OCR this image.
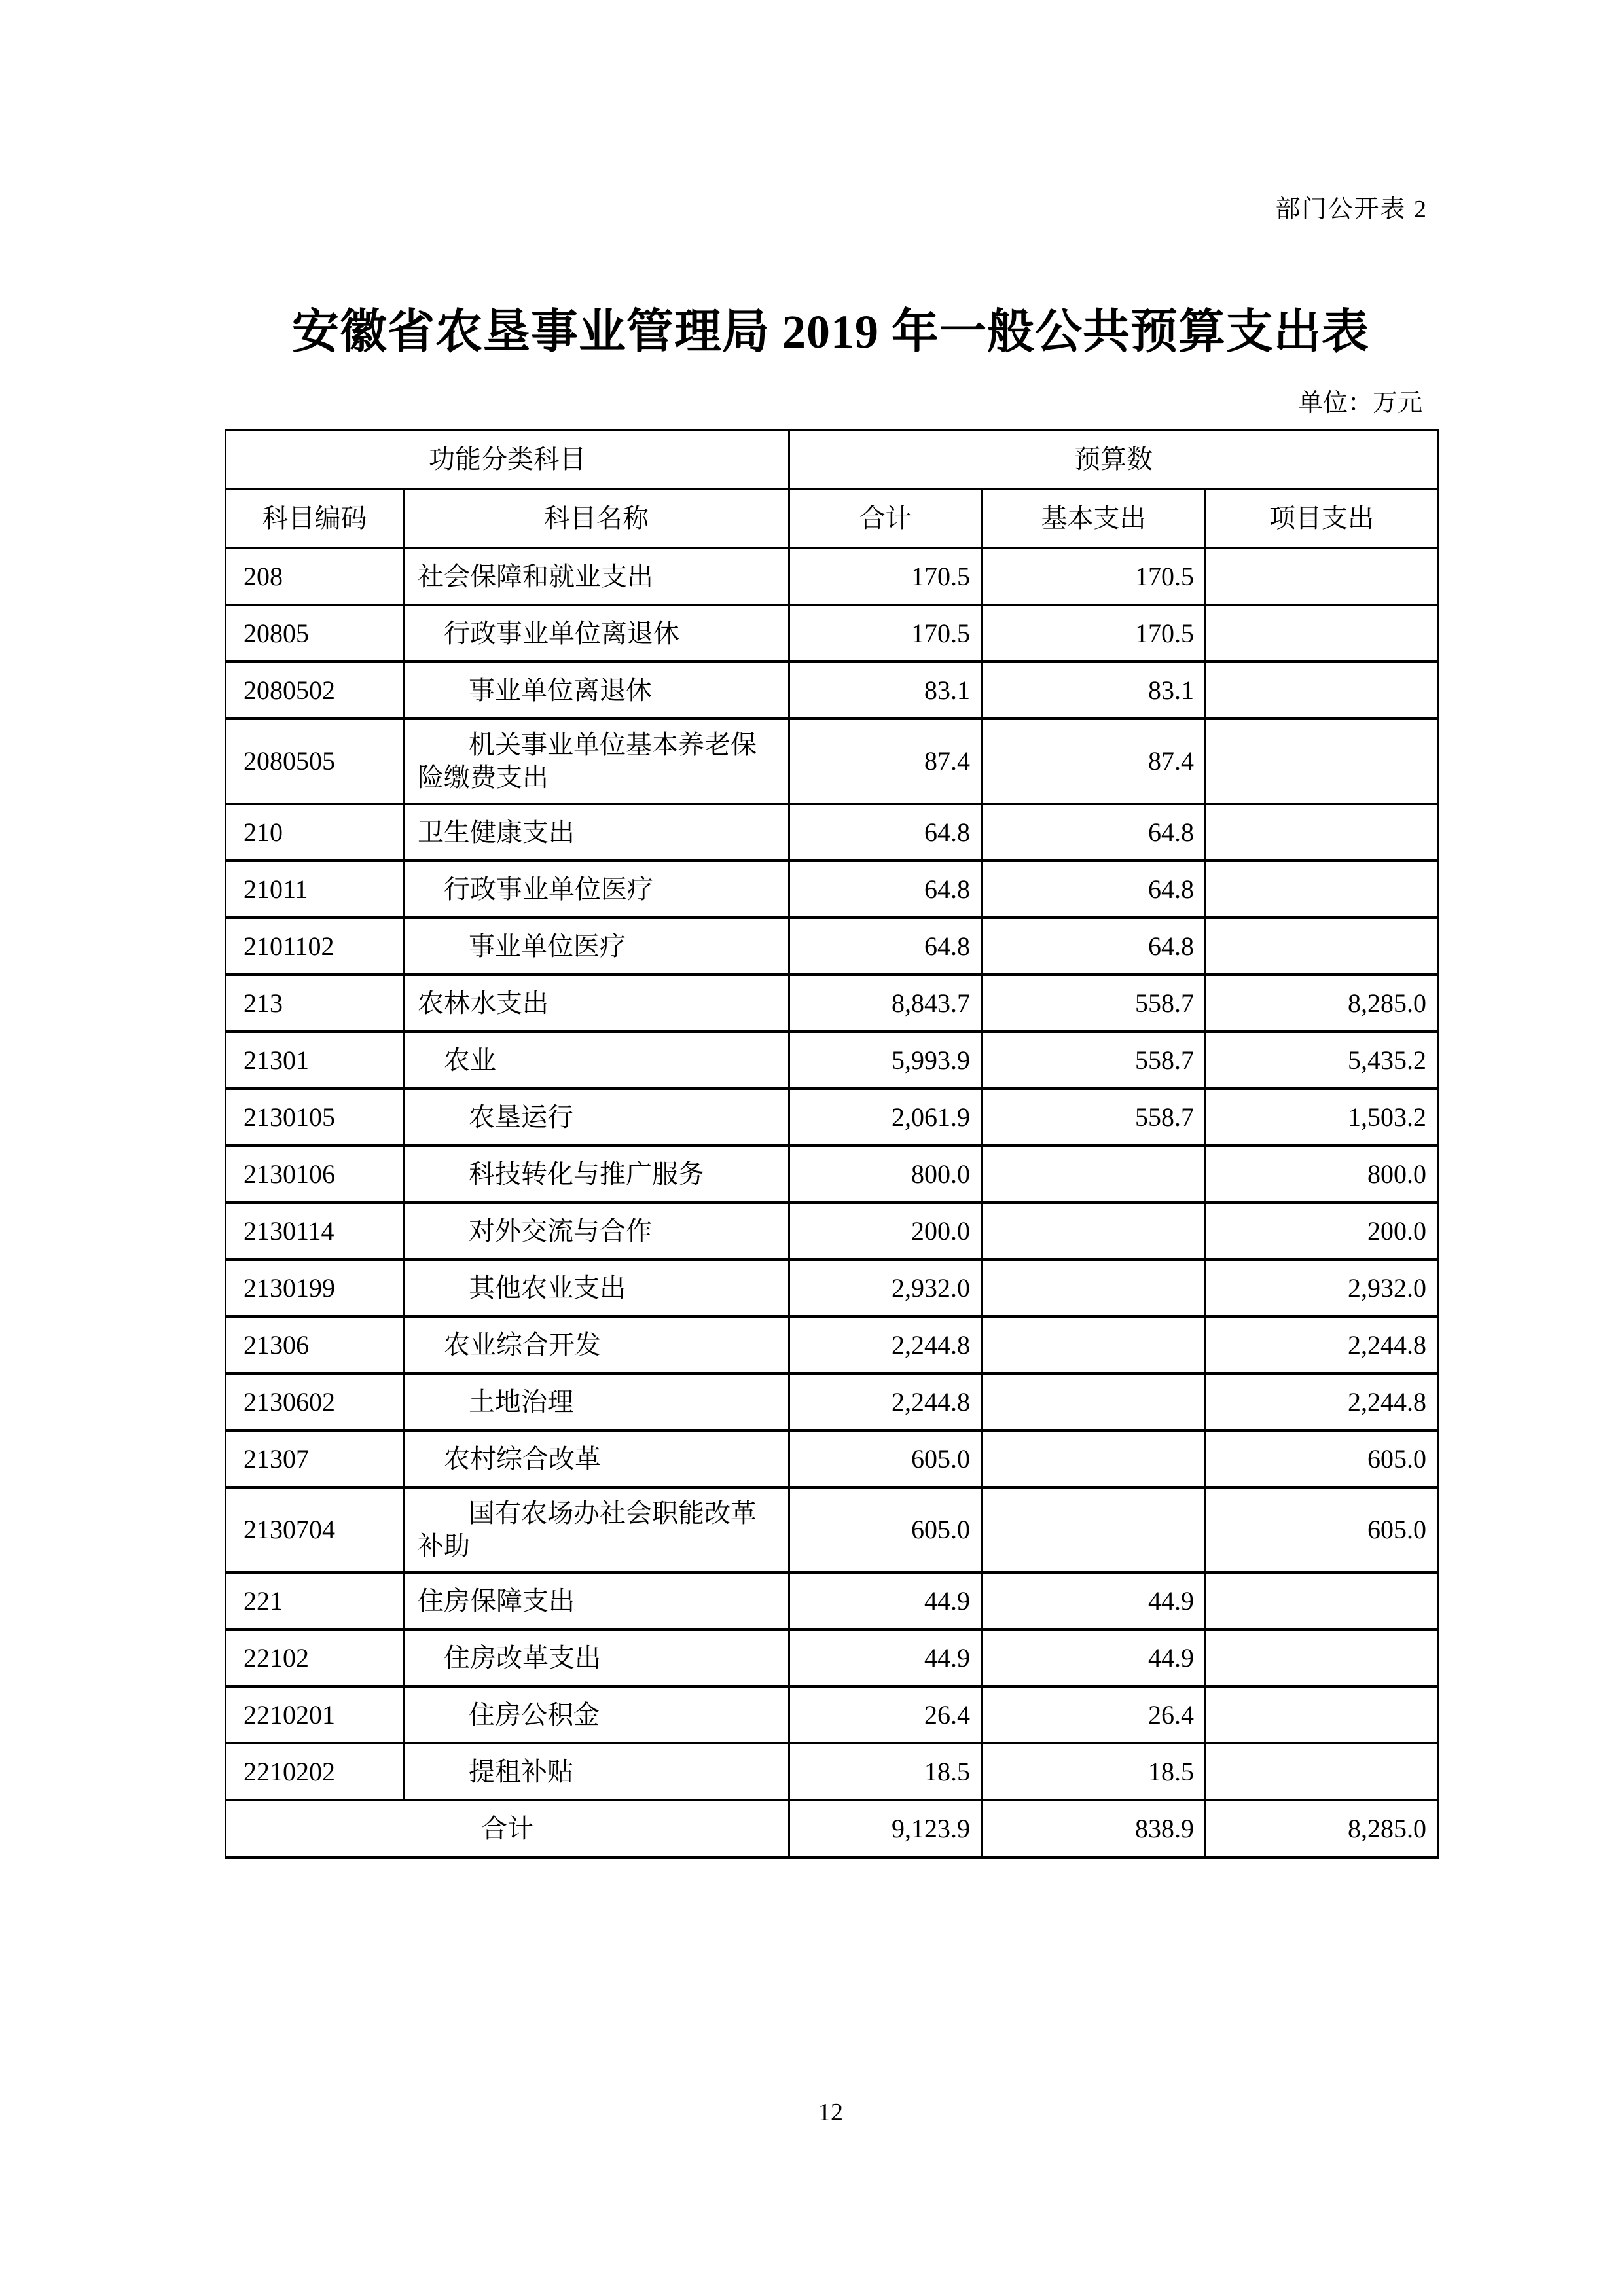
部门公开表 2
安徽省农垦事业管理局 2019 年一般公共预算支出表
单位：万元
功能分类科目		预算数		
科目编码	科目名称	合计	基本支出	项目支出
208	社会保障和就业支出	170.5	170.5	
20805	行政事业单位离退休	170.5	170.5	
2080502	事业单位离退休	83.1	83.1	
2080505	机关事业单位基本养老保险缴费支出	87.4	87.4	
210	卫生健康支出	64.8	64.8	
21011	行政事业单位医疗	64.8	64.8	
2101102	事业单位医疗	64.8	64.8	
213	农林水支出	8,843.7	558.7	8,285.0
21301	农业	5,993.9	558.7	5,435.2
2130105	农垦运行	2,061.9	558.7	1,503.2
2130106	科技转化与推广服务	800.0		800.0
2130114	对外交流与合作	200.0		200.0
2130199	其他农业支出	2,932.0		2,932.0
21306	农业综合开发	2,244.8		2,244.8
2130602	土地治理	2,244.8		2,244.8
21307	农村综合改革	605.0		605.0
2130704	国有农场办社会职能改革补助	605.0		605.0
221	住房保障支出	44.9	44.9	
22102	住房改革支出	44.9	44.9	
2210201	住房公积金	26.4	26.4	
2210202	提租补贴	18.5	18.5	
合计		9,123.9	838.9	8,285.0
12
